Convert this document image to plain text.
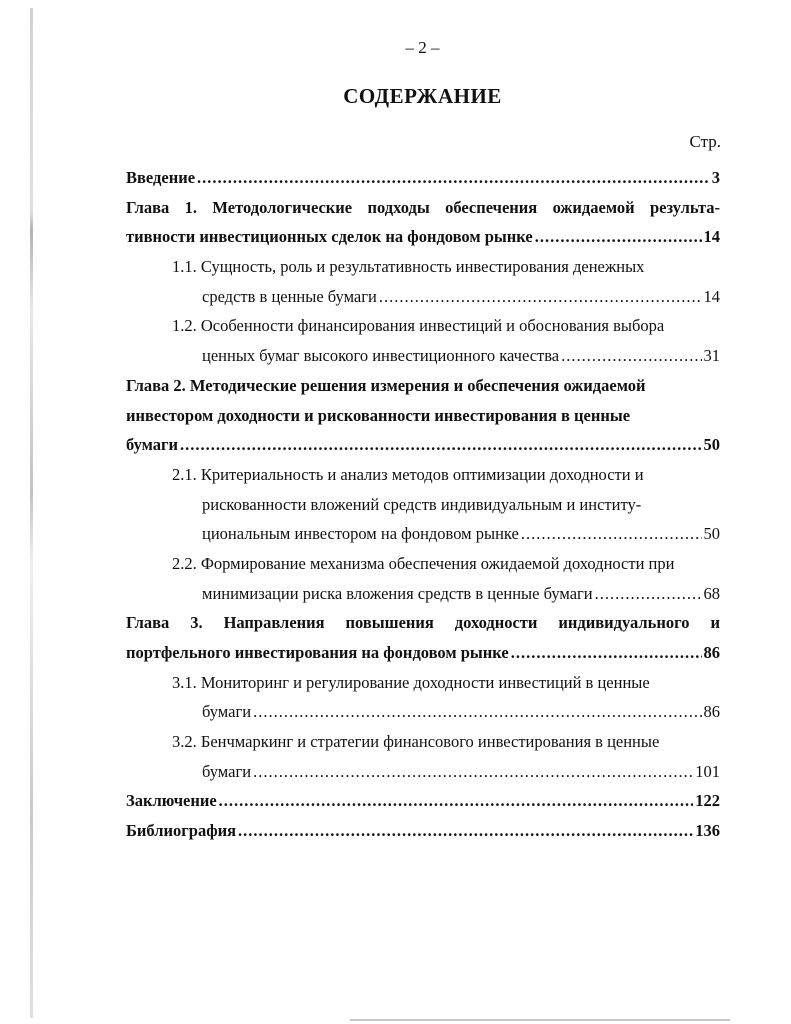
– 2 –
СОДЕРЖАНИЕ
Стр.
Введение .....	3
Глава 1. Методологические подходы обеспечения ожидаемой результа-
тивности инвестиционных сделок на фондовом рынке .....	14
1.1. Сущность, роль и результативность инвестирования денежных
средств в ценные бумаги .....	14
1.2. Особенности финансирования инвестиций и обоснования выбора
ценных бумаг высокого инвестиционного качества .....	31
Глава 2. Методические решения измерения и обеспечения ожидаемой
инвестором доходности и рискованности инвестирования в ценные
бумаги .....	50
2.1. Критериальность и анализ методов оптимизации доходности и
рискованности вложений средств индивидуальным и институ-
циональным инвестором на фондовом рынке .....	50
2.2. Формирование механизма обеспечения ожидаемой доходности при
минимизации риска вложения средств в ценные бумаги .....	68
Глава 3. Направления повышения доходности индивидуального и
портфельного инвестирования на фондовом рынке .....	86
3.1. Мониторинг и регулирование доходности инвестиций в ценные
бумаги .....	86
3.2. Бенчмаркинг и стратегии финансового инвестирования в ценные
бумаги .....	101
Заключение .....	122
Библиография .....	136
